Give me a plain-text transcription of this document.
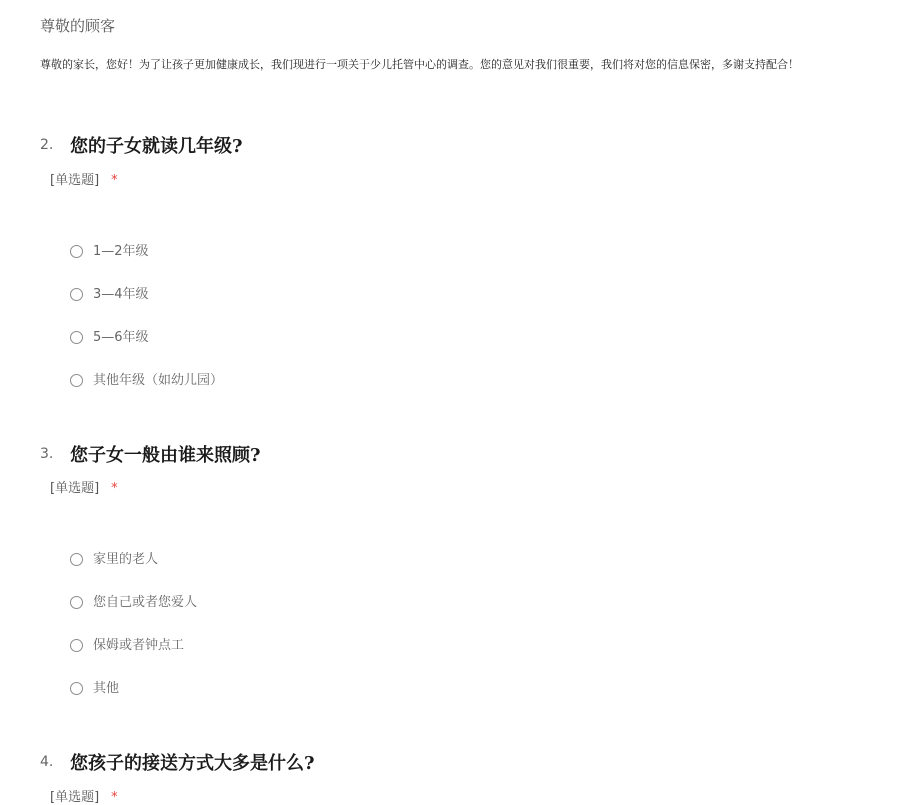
尊敬的顾客

尊敬的家长，您好！为了让孩子更加健康成长，我们现进行一项关于少儿托管中心的调查。您的意见对我们很重要，我们将对您的信息保密，多谢支持配合！

2. 您的子女就读几年级?
[单选题] *
1—2年级
3—4年级
5—6年级
其他年级（如幼儿园）
3. 您子女一般由谁来照顾?
[单选题] *
家里的老人
您自己或者您爱人
保姆或者钟点工
其他
4. 您孩子的接送方式大多是什么?
[单选题] *
